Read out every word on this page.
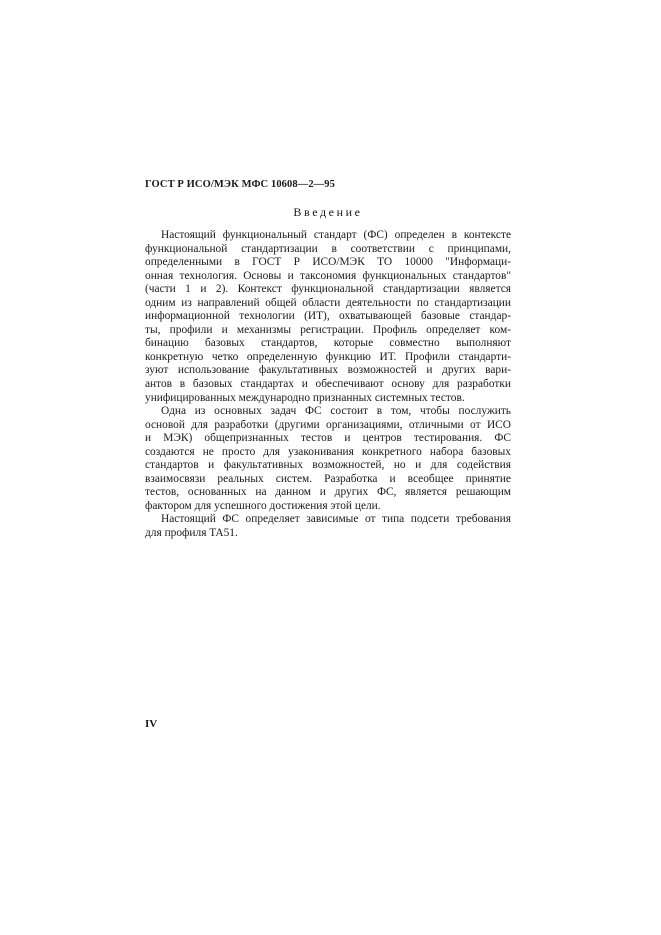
ГОСТ Р ИСО/МЭК МФС 10608—2—95
Введение
Настоящий функциональный стандарт (ФС) определен в контексте
функциональной стандартизации в соответствии с принципами,
определенными в ГОСТ Р ИСО/МЭК ТО 10000 "Информаци-
онная технология. Основы и таксономия функциональных стандартов"
(части 1 и 2). Контекст функциональной стандартизации является
одним из направлений общей области деятельности по стандартизации
информационной технологии (ИТ), охватывающей базовые стандар-
ты, профили и механизмы регистрации. Профиль определяет ком-
бинацию базовых стандартов, которые совместно выполняют
конкретную четко определенную функцию ИТ. Профили стандарти-
зуют использование факультативных возможностей и других вари-
антов в базовых стандартах и обеспечивают основу для разработки
унифицированных международно признанных системных тестов.
Одна из основных задач ФС состоит в том, чтобы послужить
основой для разработки (другими организациями, отличными от ИСО
и МЭК) общепризнанных тестов и центров тестирования. ФС
создаются не просто для узаконивания конкретного набора базовых
стандартов и факультативных возможностей, но и для содействия
взаимосвязи реальных систем. Разработка и всеобщее принятие
тестов, основанных на данном и других ФС, является решающим
фактором для успешного достижения этой цели.
Настоящий ФС определяет зависимые от типа подсети требования
для профиля TA51.
IV
